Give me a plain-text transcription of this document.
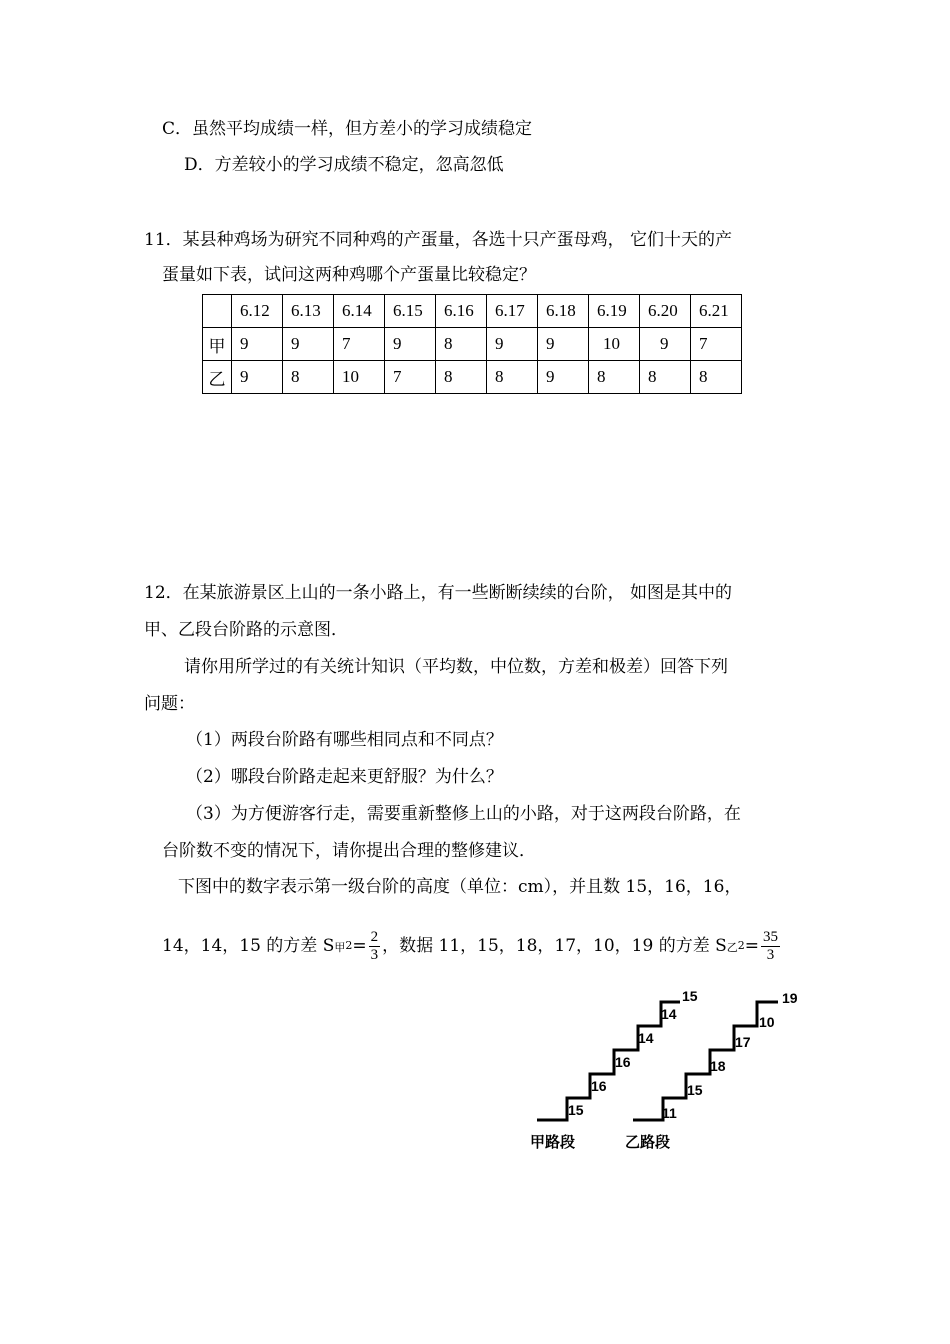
C．虽然平均成绩一样，但方差小的学习成绩稳定
D．方差较小的学习成绩不稳定，忽高忽低
11．某县种鸡场为研究不同种鸡的产蛋量，各选十只产蛋母鸡， 它们十天的产
蛋量如下表，试问这两种鸡哪个产蛋量比较稳定？
	6.12	6.13	6.14	6.15	6.16	6.17	6.18	6.19	6.20	6.21
甲	9	9	7	9	8	9	9	10	9	7
乙	9	8	10	7	8	8	9	8	8	8
12．在某旅游景区上山的一条小路上，有一些断断续续的台阶， 如图是其中的
甲、乙段台阶路的示意图．
请你用所学过的有关统计知识（平均数，中位数，方差和极差）回答下列
问题：
（1）两段台阶路有哪些相同点和不同点？
（2）哪段台阶路走起来更舒服？为什么？
（3）为方便游客行走，需要重新整修上山的小路，对于这两段台阶路，在
台阶数不变的情况下，请你提出合理的整修建议．
下图中的数字表示第一级台阶的高度（单位：cm），并且数 15，16，16，
14，14，15 的方差 S甲$^2= \frac{2}{3}$ ，数据 11，15，18，17，10，19 的方差 S乙$^2= \frac{35}{3}$
15
16
16
14
14
15
11
15
18
17
10
19
甲路段	乙路段
